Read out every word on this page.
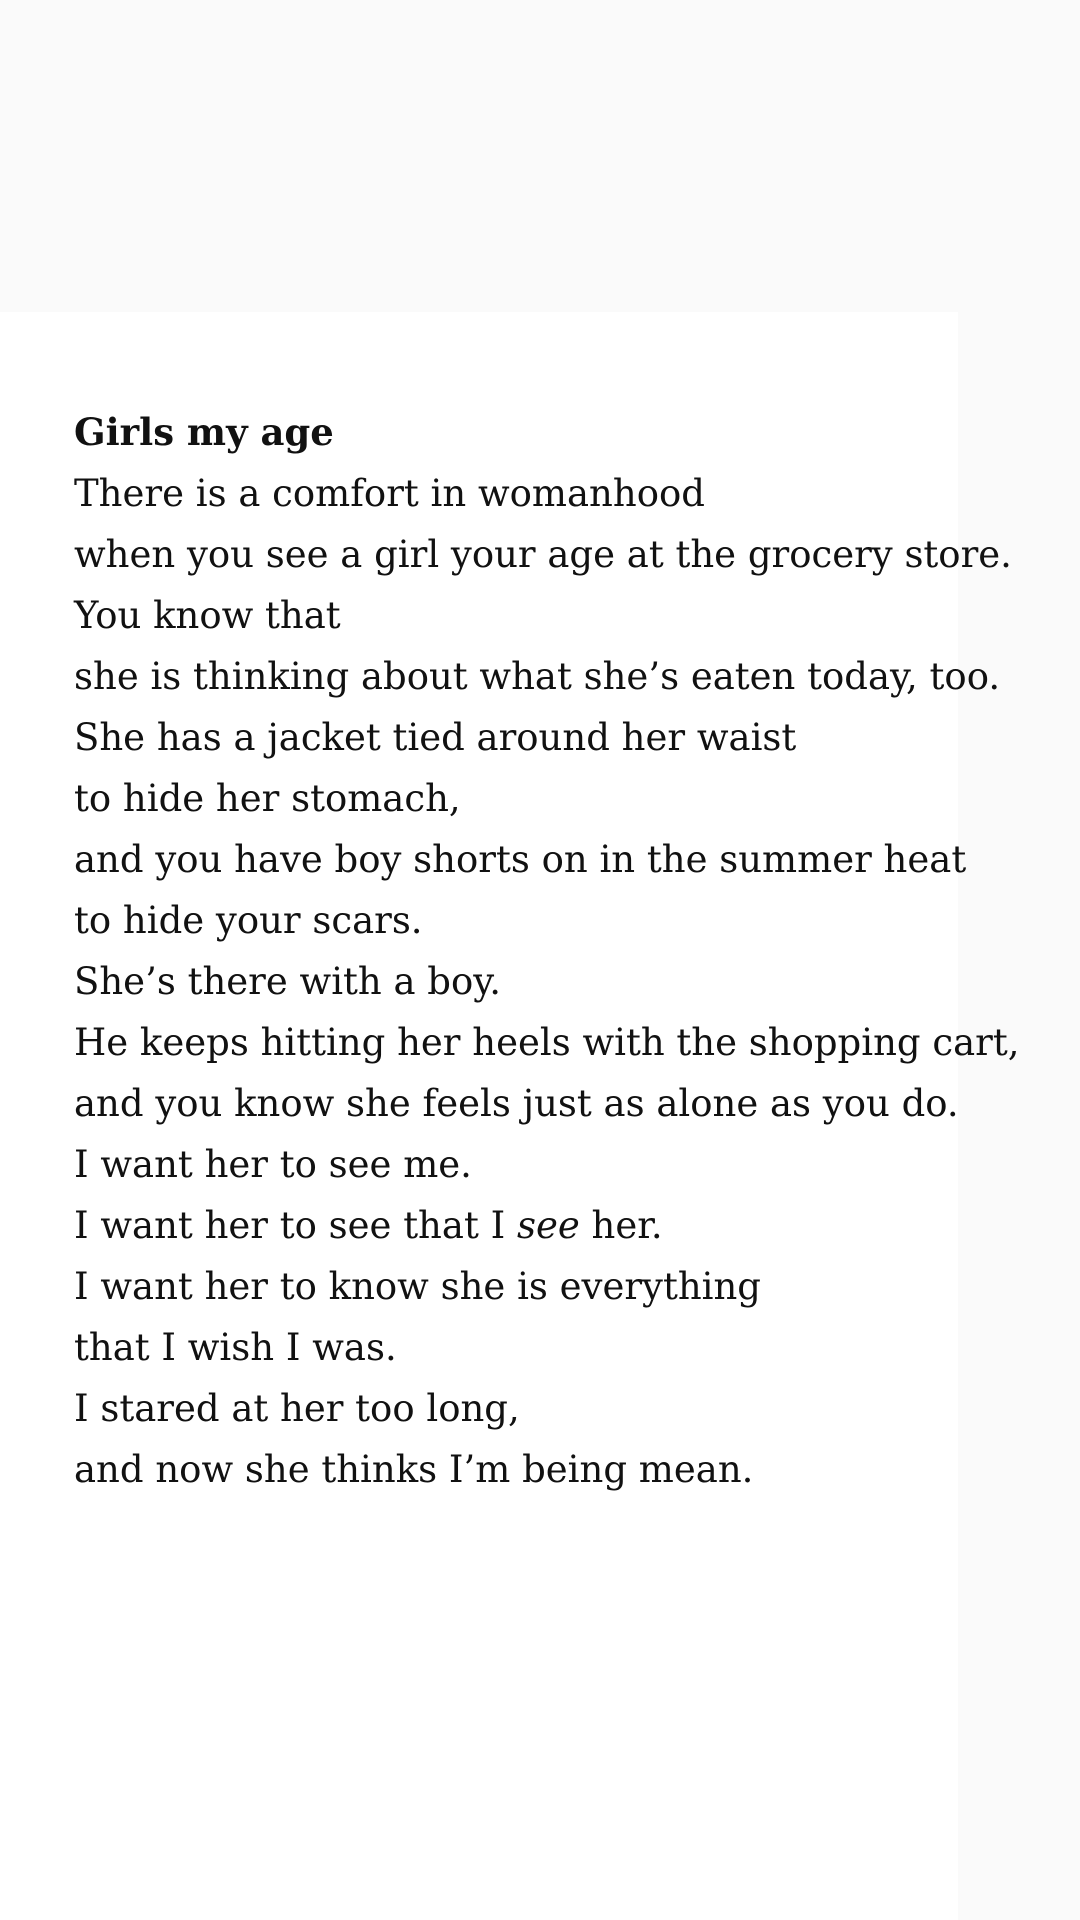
Girls my age
There is a comfort in womanhood
when you see a girl your age at the grocery store.
You know that
she is thinking about what she’s eaten today, too.
She has a jacket tied around her waist
to hide her stomach,
and you have boy shorts on in the summer heat
to hide your scars.
She’s there with a boy.
He keeps hitting her heels with the shopping cart,
and you know she feels just as alone as you do.
I want her to see me.
I want her to see that I see her.
I want her to know she is everything
that I wish I was.
I stared at her too long,
and now she thinks I’m being mean.
